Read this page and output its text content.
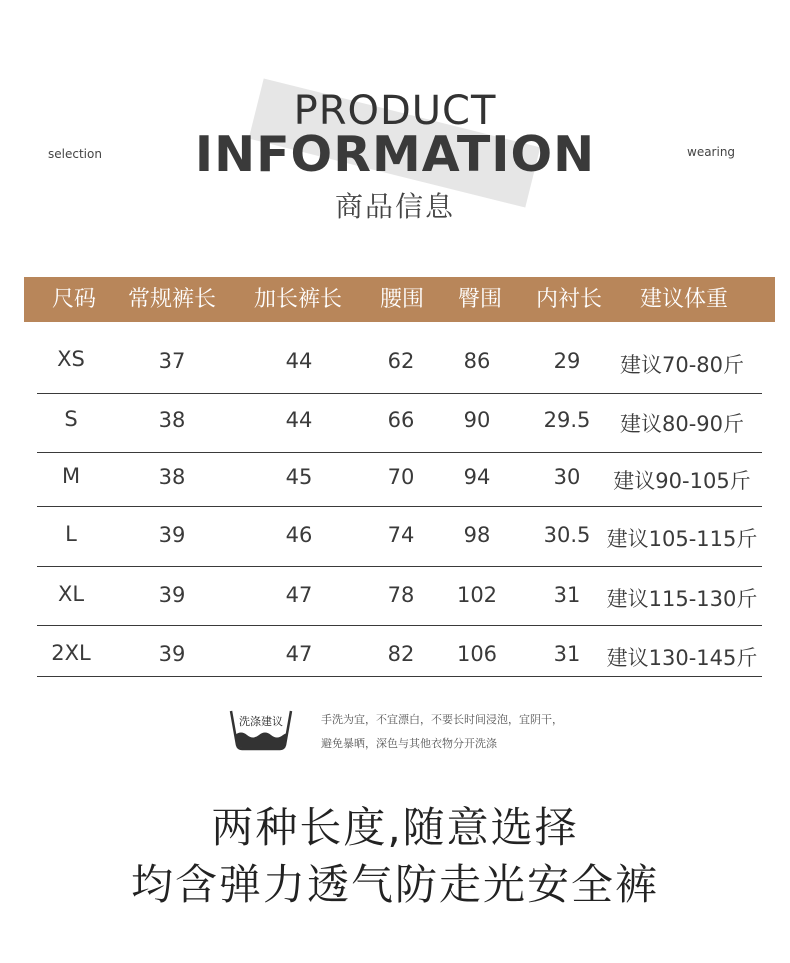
selection	wearing
PRODUCT
INFORMATION
商品信息
尺码 常规裤长 加长裤长 腰围 臀围	内衬长	建议体重
XS	37	44	62 86	29 建议70-80斤
S	38	44	66 90	29.5 建议80-90斤
M	38	45	70 94	30 建议90-105斤
L	39	46	74 98	30.5 建议105-115斤
XL	39	47	78 102	31 建议115-130斤
2XL	39	47	82 106	31 建议130-145斤
洗涤建议	手洗为宜，不宜漂白，不要长时间浸泡，宜阴干，
避免暴晒，深色与其他衣物分开洗涤
两种长度,随意选择
均含弹力透气防走光安全裤
